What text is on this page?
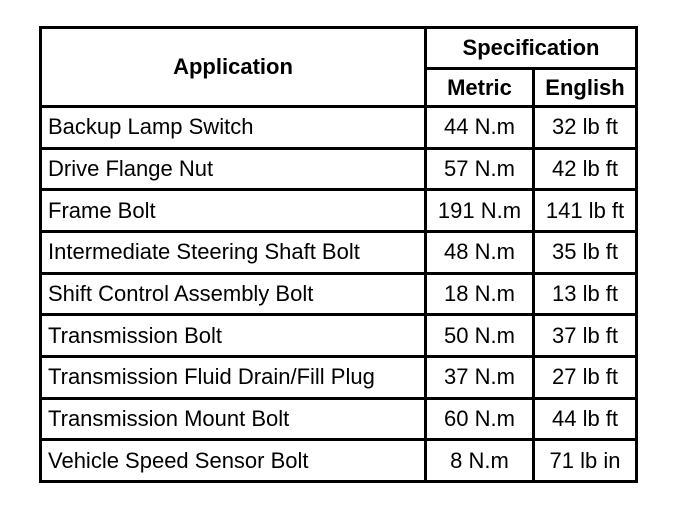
Application	Specification	
	Metric	English
Backup Lamp Switch	44 N.m	32 lb ft
Drive Flange Nut	57 N.m	42 lb ft
Frame Bolt	191 N.m	141 lb ft
Intermediate Steering Shaft Bolt	48 N.m	35 lb ft
Shift Control Assembly Bolt	18 N.m	13 lb ft
Transmission Bolt	50 N.m	37 lb ft
Transmission Fluid Drain/Fill Plug	37 N.m	27 lb ft
Transmission Mount Bolt	60 N.m	44 lb ft
Vehicle Speed Sensor Bolt	8 N.m	71 lb in
